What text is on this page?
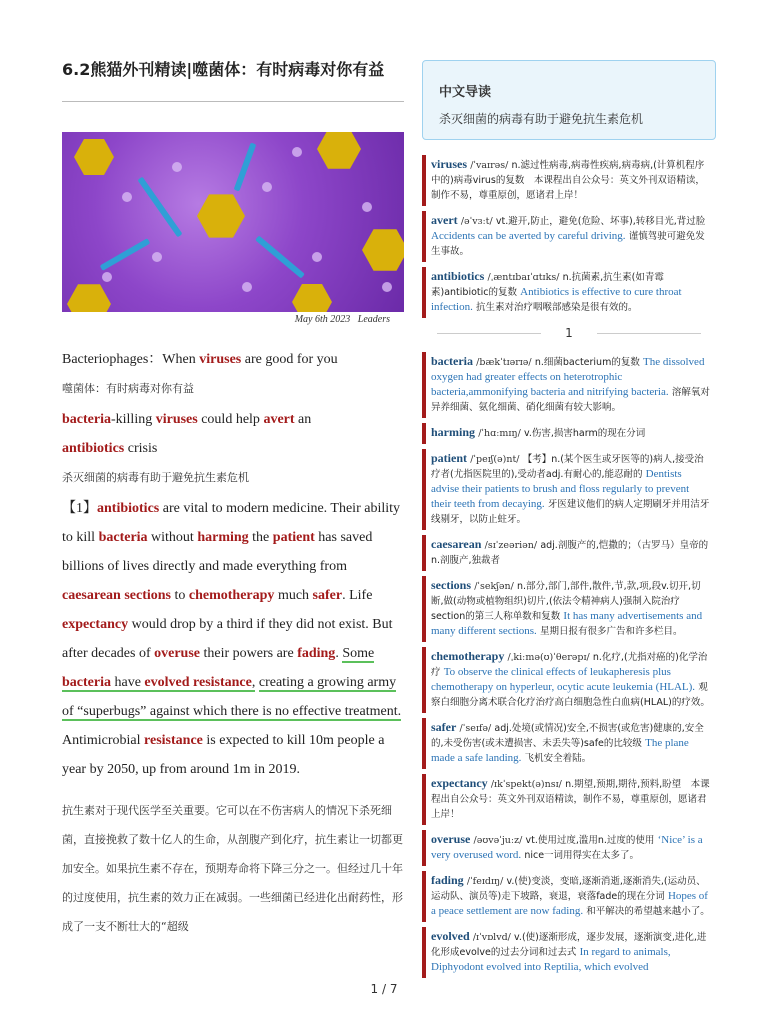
6.2熊猫外刊精读|噬菌体：有时病毒对你有益
May 6th 2023 Leaders

Bacteriophages：When viruses are good for you

噬菌体：有时病毒对你有益

bacteria-killing viruses could help avert an
antibiotics crisis

杀灭细菌的病毒有助于避免抗生素危机

【1】antibiotics are vital to modern medicine. Their ability to kill bacteria without harming the patient has saved billions of lives directly and made everything from caesarean sections to chemotherapy much safer. Life expectancy would drop by a third if they did not exist. But after decades of overuse their powers are fading. Some bacteria have evolved resistance, creating a growing army of “superbugs” against which there is no effective treatment. Antimicrobial resistance is expected to kill 10m people a year by 2050, up from around 1m in 2019.

抗生素对于现代医学至关重要。它可以在不伤害病人的情况下杀死细菌，直接挽救了数十亿人的生命，从剖腹产到化疗，抗生素让一切都更加安全。如果抗生素不存在，预期寿命将下降三分之一。但经过几十年的过度使用，抗生素的效力正在减弱。一些细菌已经进化出耐药性，形成了一支不断壮大的“超级

中文导读
杀灭细菌的病毒有助于避免抗生素危机
viruses /ˈvaɪrəs/ n.滤过性病毒,病毒性疾病,病毒病,(计算机程序中的)病毒virus的复数　本课程出自公众号：英文外刊双语精读，制作不易，尊重原创，愿诸君上岸！
avert /əˈvɜːt/ vt.避开,防止，避免(危险、坏事),转移目光,背过脸 Accidents can be averted by careful driving. 谨慎驾驶可避免发生事故。
antibiotics /ˌæntɪbaɪˈɑtɪks/ n.抗菌素,抗生素(如青霉素)antibiotic的复数 Antibiotics is effective to cure throat infection. 抗生素对治疗咽喉部感染是很有效的。
1
bacteria /bækˈtɪərɪə/ n.细菌bacterium的复数 The dissolved oxygen had greater effects on heterotrophic bacteria,ammonifying bacteria and nitrifying bacteria. 溶解氧对异养细菌、氨化细菌、硝化细菌有较大影响。
harming /ˈhɑːmɪŋ/ v.伤害,损害harm的现在分词
patient /ˈpeɪʃ(ə)nt/ 【考】n.(某个医生或牙医等的)病人,接受治疗者(尤指医院里的),受动者adj.有耐心的,能忍耐的 Dentists advise their patients to brush and floss regularly to prevent their teeth from decaying. 牙医建议他们的病人定期刷牙并用洁牙线剔牙，以防止蛀牙。
caesarean /sɪˈzeəriən/ adj.剖腹产的,恺撒的；（古罗马）皇帝的n.剖腹产,独裁者
sections /ˈsekʃən/ n.部分,部门,部件,散件,节,款,项,段v.切开,切断,做(动物或植物组织)切片,(依法令精神病人)强制入院治疗section的第三人称单数和复数 It has many advertisements and many different sections. 星期日报有很多广告和许多栏目。
chemotherapy /ˌkiːmə(ʊ)ˈθerəpɪ/ n.化疗,(尤指对癌的)化学治疗 To observe the clinical effects of leukapheresis plus chemotherapy on hyperleur, ocytic acute leukemia (HLAL). 观察白细胞分离术联合化疗治疗高白细胞急性白血病(HLAL)的疗效。
safer /ˈseɪfə/ adj.处境(或情况)安全,不损害(或危害)健康的,安全的,未受伤害(或未遭损害、未丢失等)safe的比较级 The plane made a safe landing. 飞机安全着陆。
expectancy /ɪkˈspekt(ə)nsɪ/ n.期望,预期,期待,预料,盼望　本课程出自公众号：英文外刊双语精读，制作不易，尊重原创，愿诸君上岸！
overuse /əʊvəˈjuːz/ vt.使用过度,滥用n.过度的使用 ‘Nice’ is a very overused word. nice一词用得实在太多了。
fading /ˈfeɪdɪŋ/ v.(使)变淡，变暗,逐渐消逝,逐渐消失,(运动员、运动队、演员等)走下坡路，衰退，衰落fade的现在分词 Hopes of a peace settlement are now fading. 和平解决的希望越来越小了。
evolved /ɪˈvɒlvd/ v.(使)逐渐形成，逐步发展，逐渐演变,进化,进化形成evolve的过去分词和过去式 In regard to animals, Diphyodont evolved into Reptilia, which evolved
1 / 7
